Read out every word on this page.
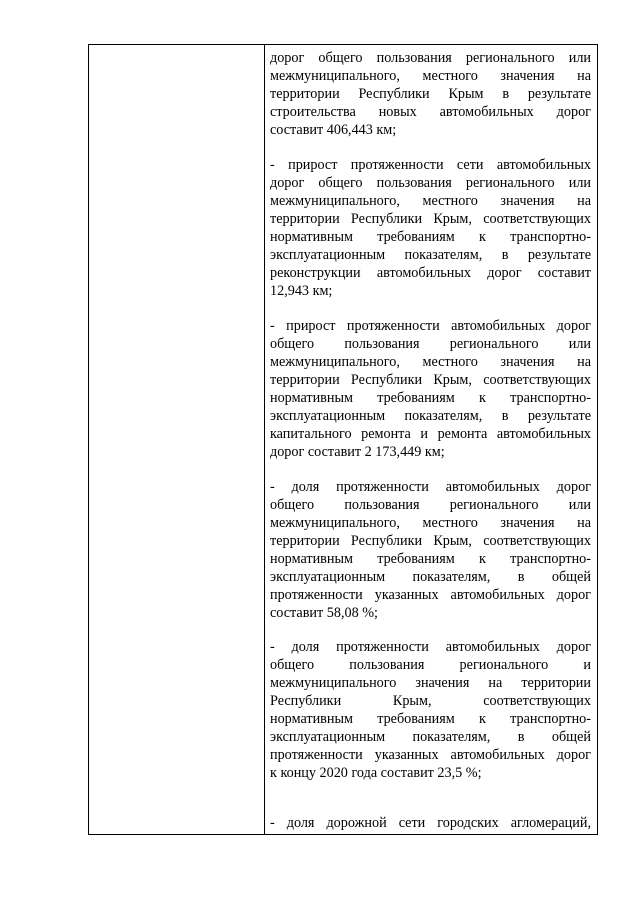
дорог общего пользования регионального или
межмуниципального, местного значения на
территории Республики Крым в результате
строительства новых автомобильных дорог
составит 406,443 км;
- прирост протяженности сети автомобильных
дорог общего пользования регионального или
межмуниципального, местного значения на
территории Республики Крым, соответствующих
нормативным требованиям к транспортно-
эксплуатационным показателям, в результате
реконструкции автомобильных дорог составит
12,943 км;
- прирост протяженности автомобильных дорог
общего пользования регионального или
межмуниципального, местного значения на
территории Республики Крым, соответствующих
нормативным требованиям к транспортно-
эксплуатационным показателям, в результате
капитального ремонта и ремонта автомобильных
дорог составит 2 173,449 км;
- доля протяженности автомобильных дорог
общего пользования регионального или
межмуниципального, местного значения на
территории Республики Крым, соответствующих
нормативным требованиям к транспортно-
эксплуатационным показателям, в общей
протяженности указанных автомобильных дорог
составит 58,08 %;
- доля протяженности автомобильных дорог
общего пользования регионального и
межмуниципального значения на территории
Республики Крым, соответствующих
нормативным требованиям к транспортно-
эксплуатационным показателям, в общей
протяженности указанных автомобильных дорог
к концу 2020 года составит 23,5 %;
- доля дорожной сети городских агломераций,
